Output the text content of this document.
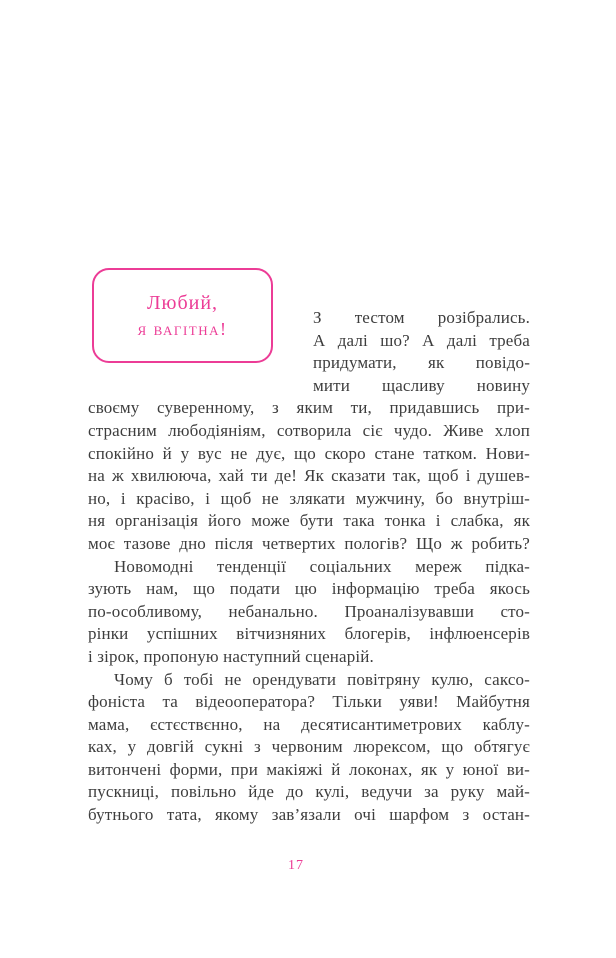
Любий,
я вагітна!
З тестом розібрались.
А далі шо? А далі треба
придумати, як повідо-
мити щасливу новину
своєму суверенному, з яким ти, придавшись при-
страсним любодіяніям, сотворила сіє чудо. Живе хлоп
спокійно й у вус не дує, що скоро стане татком. Нови-
на ж хвилююча, хай ти де! Як сказати так, щоб і душев-
но, і красіво, і щоб не злякати мужчину, бо внутріш-
ня організація його може бути така тонка і слабка, як
моє тазове дно після четвертих пологів? Що ж робить?
Новомодні тенденції соціальних мереж підка-
зують нам, що подати цю інформацію треба якось
по-особливому, небанально. Проаналізувавши сто-
рінки успішних вітчизняних блогерів, інфлюенсерів
і зірок, пропоную наступний сценарій.
Чому б тобі не орендувати повітряну кулю, саксо-
фоніста та відеооператора? Тільки уяви! Майбутня
мама, єстєствєнно, на десятисантиметрових каблу-
ках, у довгій сукні з червоним люрексом, що обтягує
витончені форми, при макіяжі й локонах, як у юної ви-
пускниці, повільно йде до кулі, ведучи за руку май-
бутнього тата, якому зав’язали очі шарфом з остан-
17
